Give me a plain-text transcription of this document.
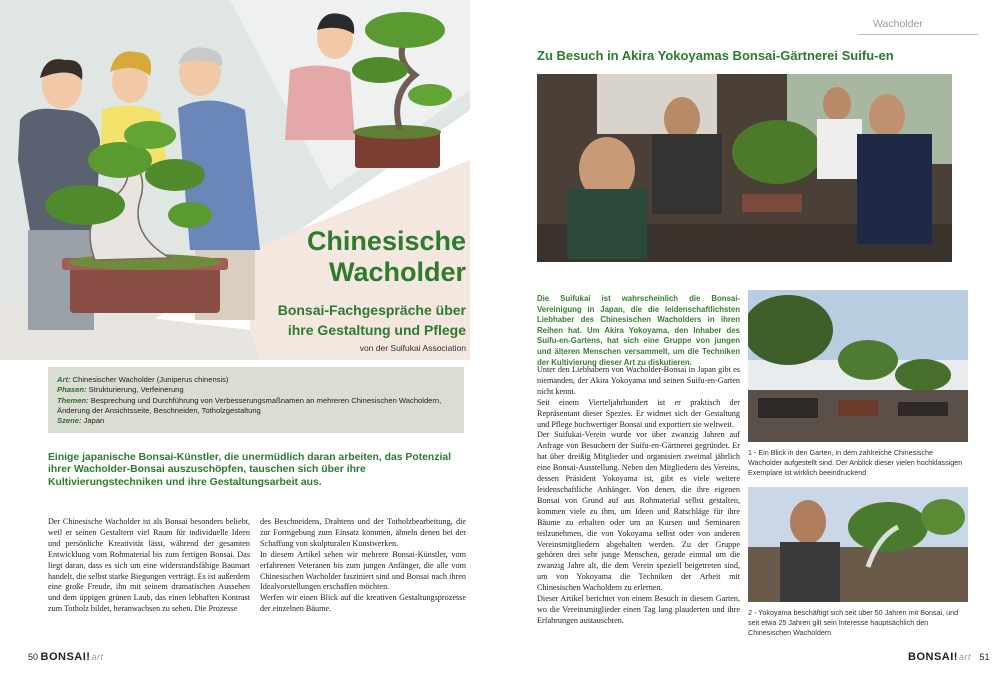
Chinesische Wacholder
Bonsai-Fachgespräche über ihre Gestaltung und Pflege
von der Suifukai Association
Art: Chinesischer Wacholder (Juniperus chinensis)
Phasen: Strukturierung, Verfeinerung
Themen: Besprechung und Durchführung von Verbesserungsmaßnamen an mehreren Chinesischen Wacholdern, Änderung der Ansichtsseite, Beschneiden, Totholzgestaltung
Szene: Japan
Einige japanische Bonsai-Künstler, die unermüdlich daran arbeiten, das Potenzial ihrer Wacholder-Bonsai auszuschöpfen, tauschen sich über ihre Kultivierungstechniken und ihre Gestaltungsarbeit aus.
Der Chinesische Wacholder ist als Bonsai besonders beliebt, weil er seinen Gestaltern viel Raum für individuelle Ideen und persönliche Kreativität lässt, während der gesamten Entwicklung vom Rohmaterial bis zum fertigen Bonsai. Das liegt daran, dass es sich um eine widerstandsfähige Baumart handelt, die selbst starke Biegungen verträgt. Es ist außerdem eine große Freude, ihn mit seinem dramatischen Aussehen und dem üppigen grünen Laub, das einen lebhaften Kontrast zum Totholz bildet, heranwachsen zu sehen. Die Prozesse
des Beschneidens, Drahtens und der Totholzbearbeitung, die zur Formgebung zum Einsatz kommen, ähneln denen bei der Schaffung von skulpturalen Kunstwerken.
In diesem Artikel sehen wir mehrere Bonsai-Künstler, vom erfahrenen Veteranen bis zum jungen Anfänger, die alle vom Chinesischen Wacholder fasziniert sind und Bonsai nach ihren Idealvorstellungen erschaffen möchten.
Werfen wir einen Blick auf die kreativen Gestaltungsprozesse der einzelnen Bäume.
50 BONSAI!art
Wacholder
Zu Besuch in Akira Yokoyamas Bonsai-Gärtnerei Suifu-en
Die Suifukai ist wahrscheinlich die Bonsai-Vereinigung in Japan, die die leidenschaftlichsten Liebhaber des Chinesischen Wacholders in ihren Reihen hat. Um Akira Yokoyama, den Inhaber des Suifu-en-Gartens, hat sich eine Gruppe von jungen und älteren Menschen versammelt, um die Techniken der Kultivierung dieser Art zu diskutieren.
Unter den Liebhabern von Wacholder-Bonsai in Japan gibt es niemanden, der Akira Yokoyama und seinen Suifu-en-Garten nicht kennt.
Seit einem Vierteljahrhundert ist er praktisch der Repräsentant dieser Spezies. Er widmet sich der Gestaltung und Pflege hochwertiger Bonsai und exportiert sie weltweit.
Der Suifukai-Verein wurde vor über zwanzig Jahren auf Anfrage von Besuchern der Suifu-en-Gärtnerei gegründet. Er hat über dreißig Mitglieder und organisiert zweimal jährlich eine Bonsai-Ausstellung. Neben den Mitgliedern des Vereins, dessen Präsident Yokoyama ist, gibt es viele weitere leidenschaftliche Anhänger. Von denen, die ihre eigenen Bonsai von Grund auf aus Rohmaterial selbst gestalten, kommen viele zu ihm, um Ideen und Ratschläge für ihre Bäume zu erhalten oder um an Kursen und Seminaren teilzunehmen, die von Yokoyama selbst oder von anderen Vereinsmitgliedern abgehalten werden. Zu der Gruppe gehören drei sehr junge Menschen, gerade einmal um die zwanzig Jahre alt, die dem Verein speziell beigetreten sind, um von Yokoyama die Techniken der Arbeit mit Chinesischen Wacholdern zu erlernen.
Dieser Artikel berichtet von einem Besuch in diesem Garten, wo die Vereinsmitglieder einen Tag lang plauderten und ihre Erfahrungen austauschten.
1 - Ein Blick in den Garten, in dem zahlreiche Chinesische Wacholder aufgestellt sind. Der Anblick dieser vielen hochklassigen Exemplare ist wirklich beeindruckend
2 - Yokoyama beschäftigt sich seit über 50 Jahren mit Bonsai, und seit etwa 25 Jahren gilt sein Interesse hauptsächlich den Chinesischen Wacholdern
BONSAI!art 51
